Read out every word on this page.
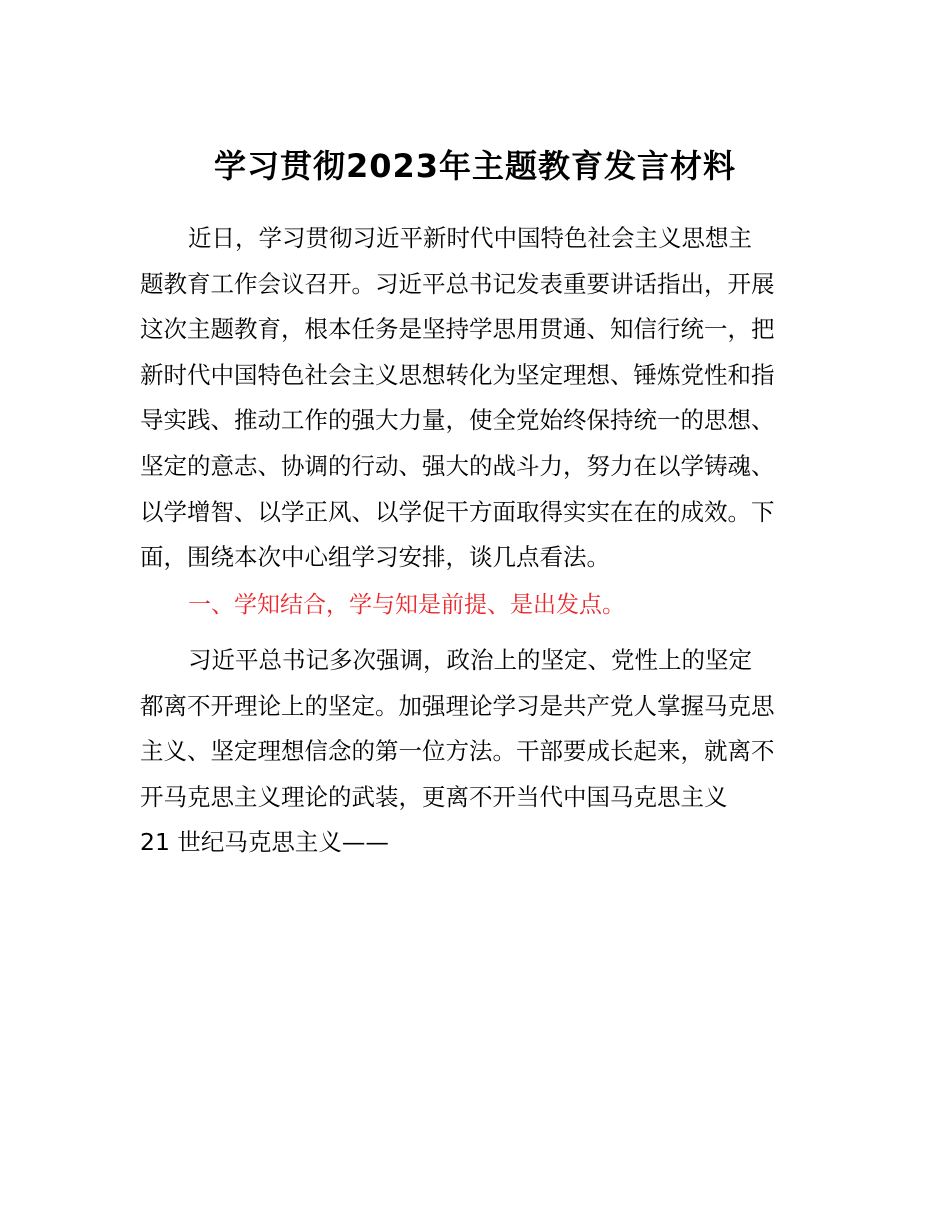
学习贯彻2023年主题教育发言材料
近日，学习贯彻习近平新时代中国特色社会主义思想主
题教育工作会议召开。习近平总书记发表重要讲话指出，开展
这次主题教育，根本任务是坚持学思用贯通、知信行统一，把
新时代中国特色社会主义思想转化为坚定理想、锤炼党性和指
导实践、推动工作的强大力量，使全党始终保持统一的思想、
坚定的意志、协调的行动、强大的战斗力，努力在以学铸魂、
以学增智、以学正风、以学促干方面取得实实在在的成效。下
面，围绕本次中心组学习安排，谈几点看法。
一、学知结合，学与知是前提、是出发点。
习近平总书记多次强调，政治上的坚定、党性上的坚定
都离不开理论上的坚定。加强理论学习是共产党人掌握马克思
主义、坚定理想信念的第一位方法。干部要成长起来，就离不
开马克思主义理论的武装，更离不开当代中国马克思主义
21 世纪马克思主义——
